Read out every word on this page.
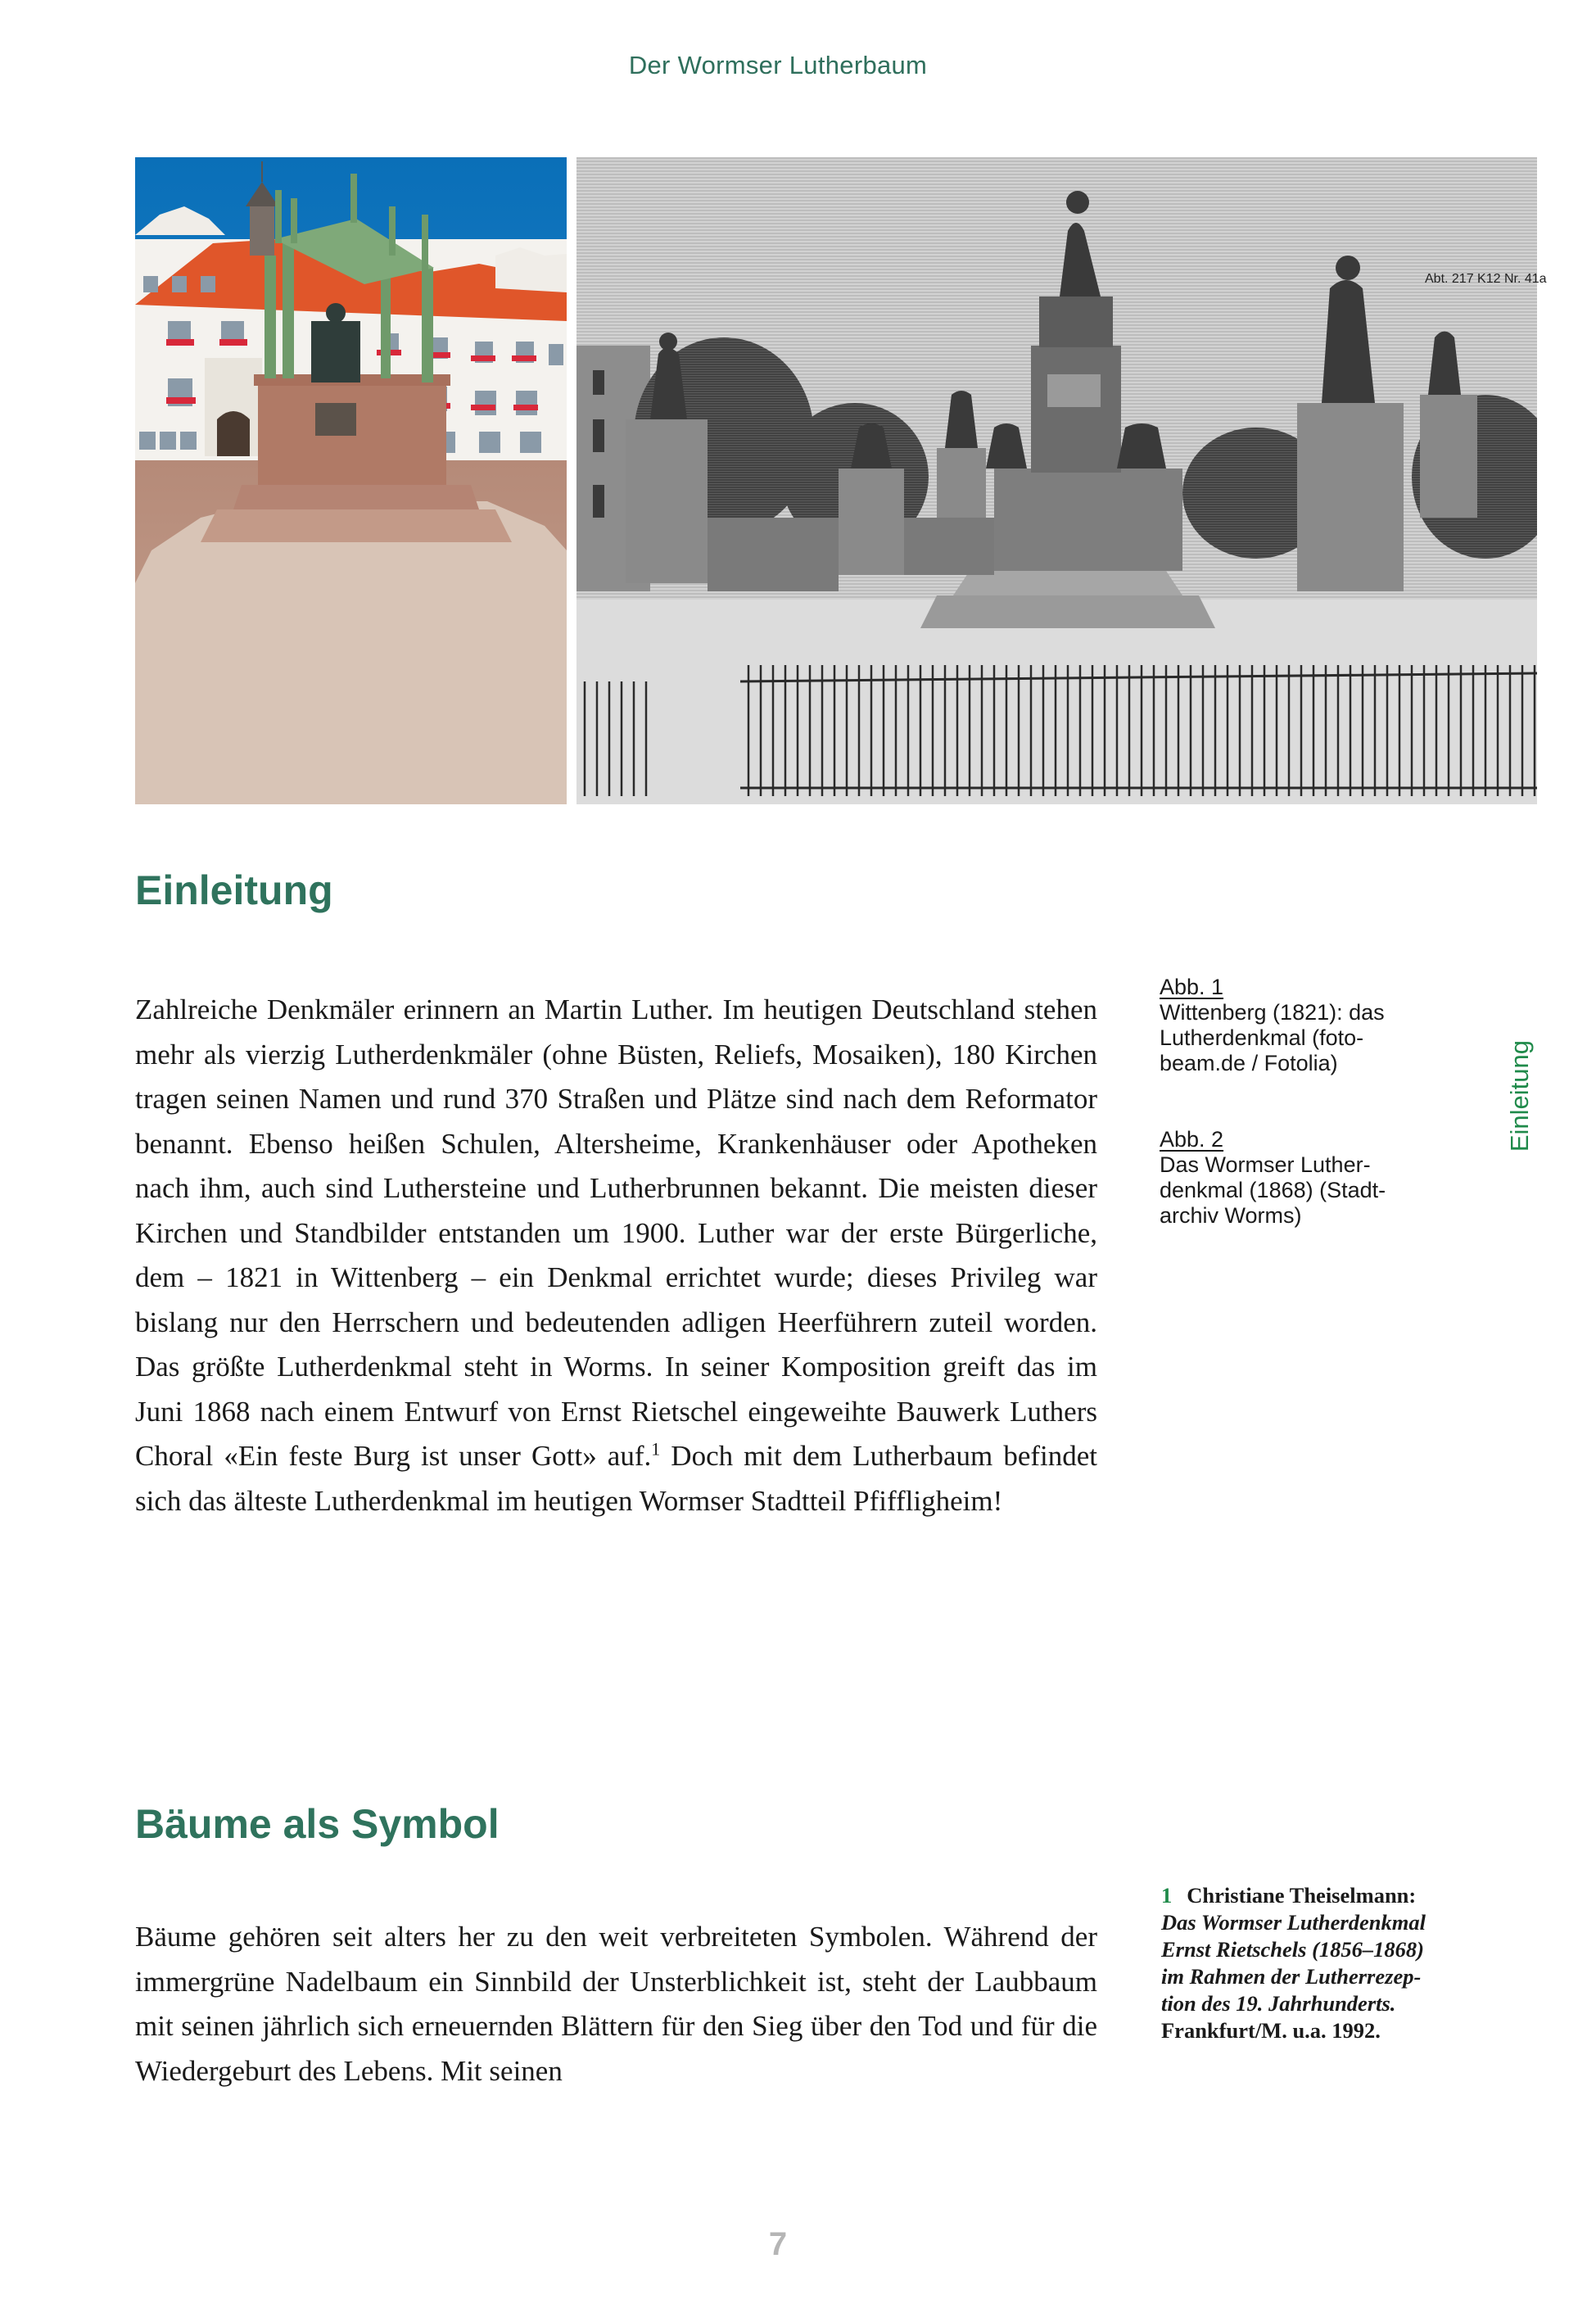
Der Wormser Lutherbaum
Abt. 217 K12 Nr. 41a
Einleitung

Zahlreiche Denkmäler erinnern an Martin Luther. Im heutigen Deutschland stehen mehr als vierzig Lutherdenkmäler (ohne Büsten, Reliefs, Mosaiken), 180 Kirchen tragen seinen Namen und rund 370 Straßen und Plätze sind nach dem Reformator benannt. Ebenso heißen Schulen, Altersheime, Krankenhäuser oder Apotheken nach ihm, auch sind Luthersteine und Lutherbrunnen bekannt. Die meisten dieser Kirchen und Standbilder entstanden um 1900. Luther war der erste Bürgerliche, dem – 1821 in Wittenberg – ein Denkmal errichtet wurde; dieses Privileg war bislang nur den Herrschern und bedeutenden adligen Heerführern zuteil worden. Das größte Lutherdenkmal steht in Worms. In seiner Komposition greift das im Juni 1868 nach einem Entwurf von Ernst Rietschel eingeweihte Bauwerk Luthers Choral «Ein feste Burg ist unser Gott» auf.$^1$ Doch mit dem Lutherbaum befindet sich das älteste Lutherdenkmal im heutigen Wormser Stadtteil Pfiffligheim!

Abb. 1
Wittenberg (1821): das Lutherdenkmal (fotobeam.de / Fotolia)
Abb. 2
Das Wormser Lutherdenkmal (1868) (Stadtarchiv Worms)
Einleitung
Bäume als Symbol

Bäume gehören seit alters her zu den weit verbreiteten Symbolen. Während der immergrüne Nadelbaum ein Sinnbild der Unsterblichkeit ist, steht der Laubbaum mit seinen jährlich sich erneuernden Blättern für den Sieg über den Tod und für die Wiedergeburt des Lebens. Mit seinen

1 Christiane Theiselmann: Das Wormser Lutherdenkmal Ernst Rietschels (1856–1868) im Rahmen der Lutherrezeption des 19. Jahrhunderts. Frankfurt/M. u.a. 1992.
7
